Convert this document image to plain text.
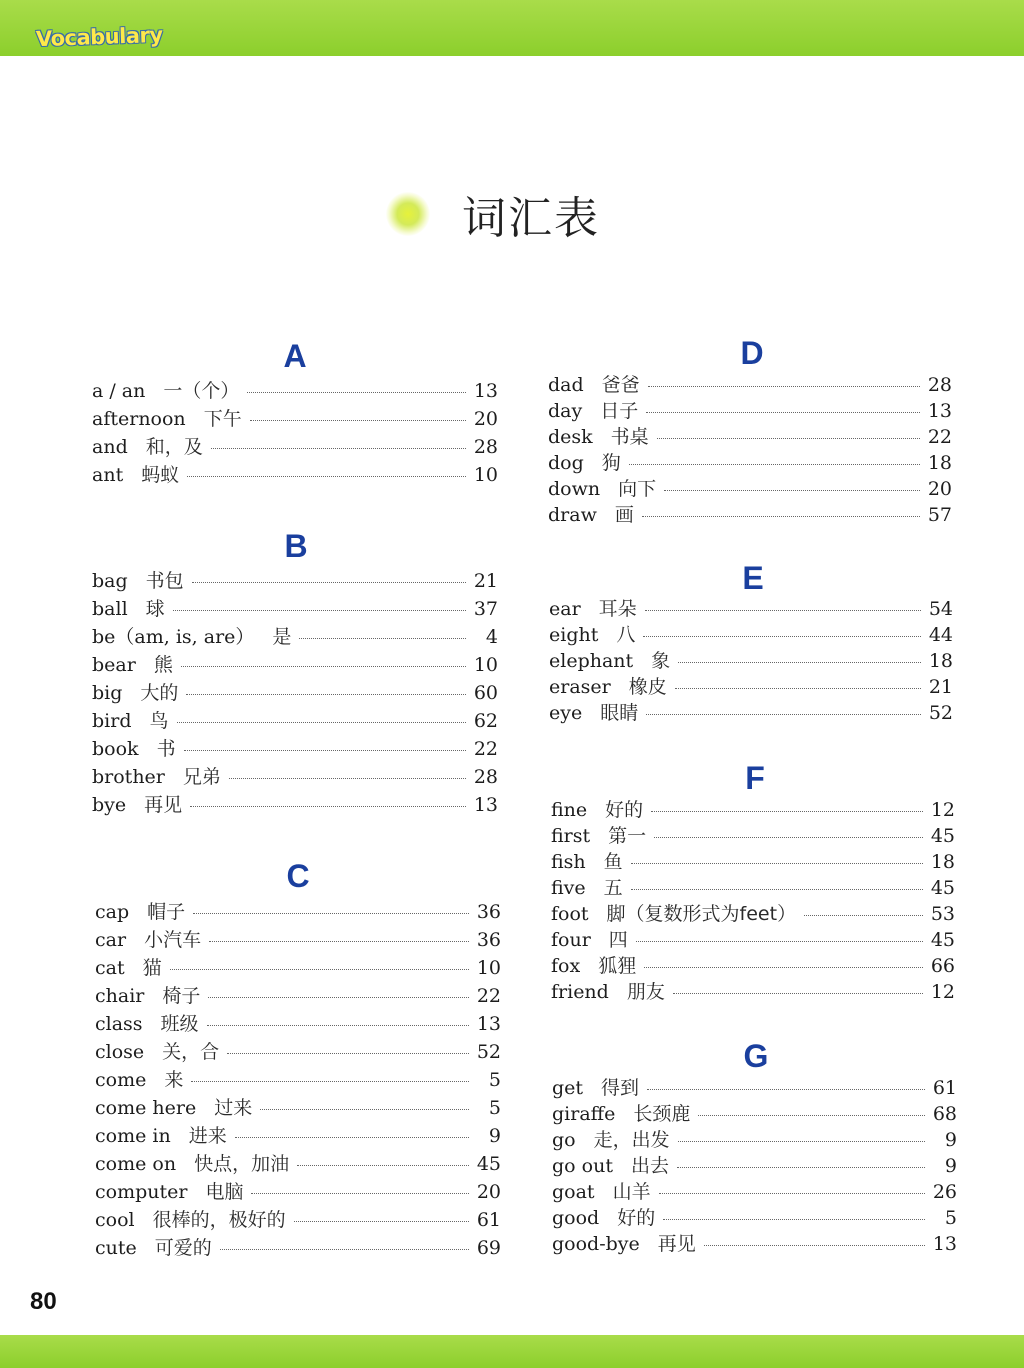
Vocabulary
词汇表
A
a / an 一（个）	13
afternoon 下午	20
and 和，及	28
ant 蚂蚁	10
B
bag 书包	21
ball 球	37
be（am, is, are） 是	4
bear 熊	10
big 大的	60
bird 鸟	62
book 书	22
brother 兄弟	28
bye 再见	13
C
cap 帽子	36
car 小汽车	36
cat 猫	10
chair 椅子	22
class 班级	13
close 关，合	52
come 来	5
come here 过来	5
come in 进来	9
come on 快点，加油	45
computer 电脑	20
cool 很棒的，极好的	61
cute 可爱的	69
D
dad 爸爸	28
day 日子	13
desk 书桌	22
dog 狗	18
down 向下	20
draw 画	57
E
ear 耳朵	54
eight 八	44
elephant 象	18
eraser 橡皮	21
eye 眼睛	52
F
fine 好的	12
first 第一	45
fish 鱼	18
five 五	45
foot 脚（复数形式为feet）	53
four 四	45
fox 狐狸	66
friend 朋友	12
G
get 得到	61
giraffe 长颈鹿	68
go 走，出发	9
go out 出去	9
goat 山羊	26
good 好的	5
good-bye 再见	13
80
